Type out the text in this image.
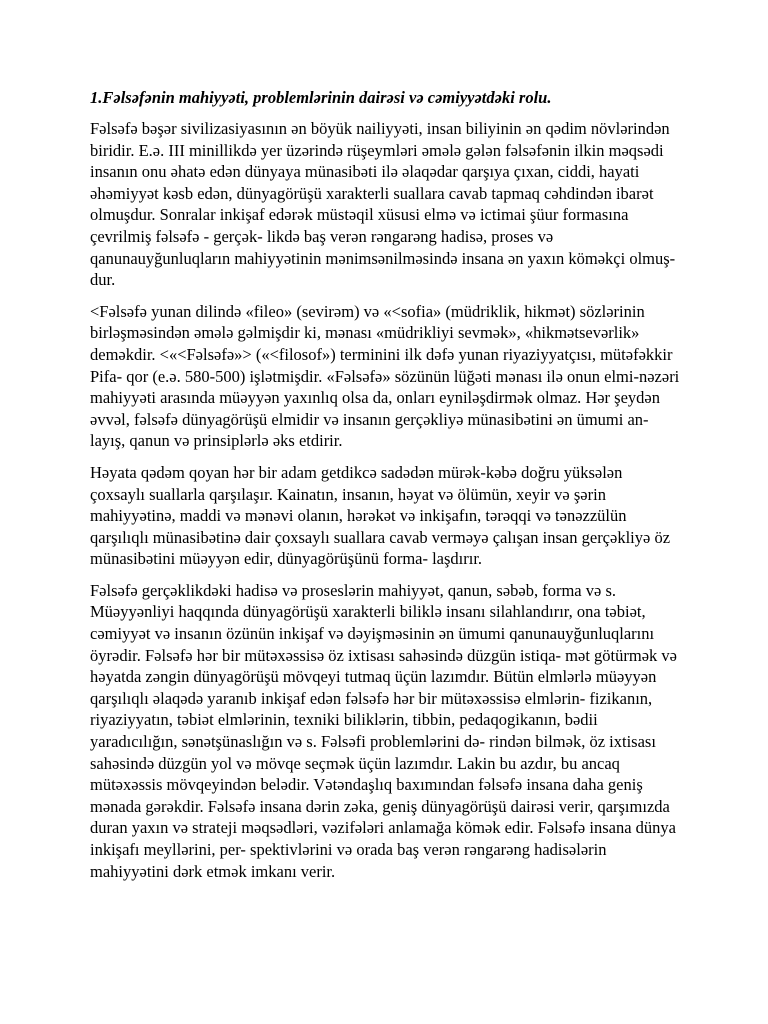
1.Fəlsəfənin mahiyyəti, problemlərinin dairəsi və cəmiyyətdəki rolu.

Fəlsəfə bəşər sivilizasiyasının ən böyük nailiyyəti, insan biliyinin ən qədim növlərindən biridir. E.ə. III minillikdə yer üzərində rüşeymləri əmələ gələn fəlsəfənin ilkin məqsədi insanın onu əhatə edən dünyaya münasibəti ilə əlaqədar qarşıya çıxan, ciddi, hayati əhəmiyyət kəsb edən, dünyagörüşü xarakterli suallara cavab tapmaq cəhdindən ibarət olmuşdur. Sonralar inkişaf edərək müstəqil xüsusi elmə və ictimai şüur formasına çevrilmiş fəlsəfə - gerçək- likdə baş verən rəngarəng hadisə, proses və qanunauyğunluqların mahiyyətinin mənimsənilməsində insana ən yaxın köməkçi olmuş- dur.

<Fəlsəfə yunan dilində «fileo» (sevirəm) və «<sofia» (müdriklik, hikmət) sözlərinin birləşməsindən əmələ gəlmişdir ki, mənası «müdrikliyi sevmək», «hikmətsevərlik» deməkdir. <«<Fəlsəfə»> («<filosof») terminini ilk dəfə yunan riyaziyyatçısı, mütəfəkkir Pifa- qor (e.ə. 580-500) işlətmişdir. «Fəlsəfə» sözünün lüğəti mənası ilə onun elmi-nəzəri mahiyyəti arasında müəyyən yaxınlıq olsa da, onları eyniləşdirmək olmaz. Hər şeydən əvvəl, fəlsəfə dünyagörüşü elmidir və insanın gerçəkliyə münasibətini ən ümumi an- layış, qanun və prinsiplərlə əks etdirir.

Həyata qədəm qoyan hər bir adam getdikcə sadədən mürək-kəbə doğru yüksələn çoxsaylı suallarla qarşılaşır. Kainatın, insanın, həyat və ölümün, xeyir və şərin mahiyyətinə, maddi və mənəvi olanın, hərəkət və inkişafın, tərəqqi və tənəzzülün qarşılıqlı münasibətinə dair çoxsaylı suallara cavab verməyə çalışan insan gerçəkliyə öz münasibətini müəyyən edir, dünyagörüşünü forma- laşdırır.

Fəlsəfə gerçəklikdəki hadisə və proseslərin mahiyyət, qanun, səbəb, forma və s. Müəyyənliyi haqqında dünyagörüşü xarakterli biliklə insanı silahlandırır, ona təbiət, cəmiyyət və insanın özünün inkişaf və dəyişməsinin ən ümumi qanunauyğunluqlarını öyrədir. Fəlsəfə hər bir mütəxəssisə öz ixtisası sahəsində düzgün istiqa- mət götürmək və həyatda zəngin dünyagörüşü mövqeyi tutmaq üçün lazımdır. Bütün elmlərlə müəyyən qarşılıqlı əlaqədə yaranıb inkişaf edən fəlsəfə hər bir mütəxəssisə elmlərin- fizikanın, riyaziyyatın, təbiət elmlərinin, texniki biliklərin, tibbin, pedaqogikanın, bədii yaradıcılığın, sənətşünaslığın və s. Fəlsəfi problemlərini də- rindən bilmək, öz ixtisası sahəsində düzgün yol və mövqe seçmək üçün lazımdır. Lakin bu azdır, bu ancaq mütəxəssis mövqeyindən belədir. Vətəndaşlıq baxımından fəlsəfə insana daha geniş mənada gərəkdir. Fəlsəfə insana dərin zəka, geniş dünyagörüşü dairəsi verir, qarşımızda duran yaxın və strateji məqsədləri, vəzifələri anlamağa kömək edir. Fəlsəfə insana dünya inkişafı meyllərini, per- spektivlərini və orada baş verən rəngarəng hadisələrin mahiyyətini dərk etmək imkanı verir.
